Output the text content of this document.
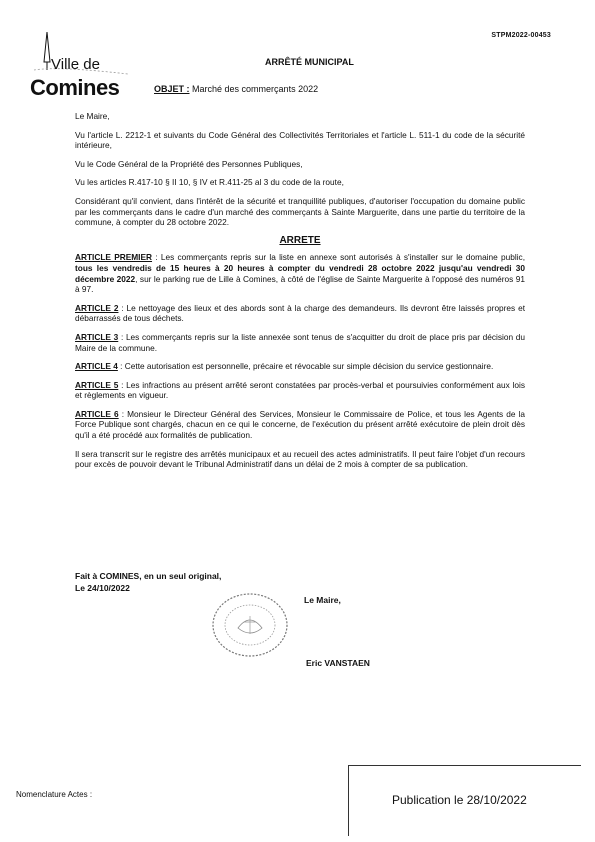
STPM2022-00453
Ville de
Comines
ARRÊTÉ MUNICIPAL
OBJET : Marché des commerçants 2022

Le Maire,

Vu l'article L. 2212-1 et suivants du Code Général des Collectivités Territoriales et l'article L. 511-1 du code de la sécurité intérieure,

Vu le Code Général de la Propriété des Personnes Publiques,

Vu les articles R.417-10 § II 10, § IV et R.411-25 al 3 du code de la route,

Considérant qu'il convient, dans l'intérêt de la sécurité et tranquillité publiques, d'autoriser l'occupation du domaine public par les commerçants dans le cadre d'un marché des commerçants à Sainte Marguerite, dans une partie du territoire de la commune, à compter du 28 octobre 2022.

ARRETE

ARTICLE PREMIER : Les commerçants repris sur la liste en annexe sont autorisés à s'installer sur le domaine public, tous les vendredis de 15 heures à 20 heures à compter du vendredi 28 octobre 2022 jusqu'au vendredi 30 décembre 2022, sur le parking rue de Lille à Comines, à côté de l'église de Sainte Marguerite à l'opposé des numéros 91 à 97.

ARTICLE 2 : Le nettoyage des lieux et des abords sont à la charge des demandeurs. Ils devront être laissés propres et débarrassés de tous déchets.

ARTICLE 3 : Les commerçants repris sur la liste annexée sont tenus de s'acquitter du droit de place pris par décision du Maire de la commune.

ARTICLE 4 : Cette autorisation est personnelle, précaire et révocable sur simple décision du service gestionnaire.

ARTICLE 5 : Les infractions au présent arrêté seront constatées par procès-verbal et poursuivies conformément aux lois et règlements en vigueur.

ARTICLE 6 : Monsieur le Directeur Général des Services, Monsieur le Commissaire de Police, et tous les Agents de la Force Publique sont chargés, chacun en ce qui le concerne, de l'exécution du présent arrêté exécutoire de plein droit dès qu'il a été procédé aux formalités de publication.

Il sera transcrit sur le registre des arrêtés municipaux et au recueil des actes administratifs. Il peut faire l'objet d'un recours pour excès de pouvoir devant le Tribunal Administratif dans un délai de 2 mois à compter de sa publication.

Fait à COMINES, en un seul original,
Le 24/10/2022
Le Maire,
Eric VANSTAEN
Nomenclature Actes :	Publication le 28/10/2022
